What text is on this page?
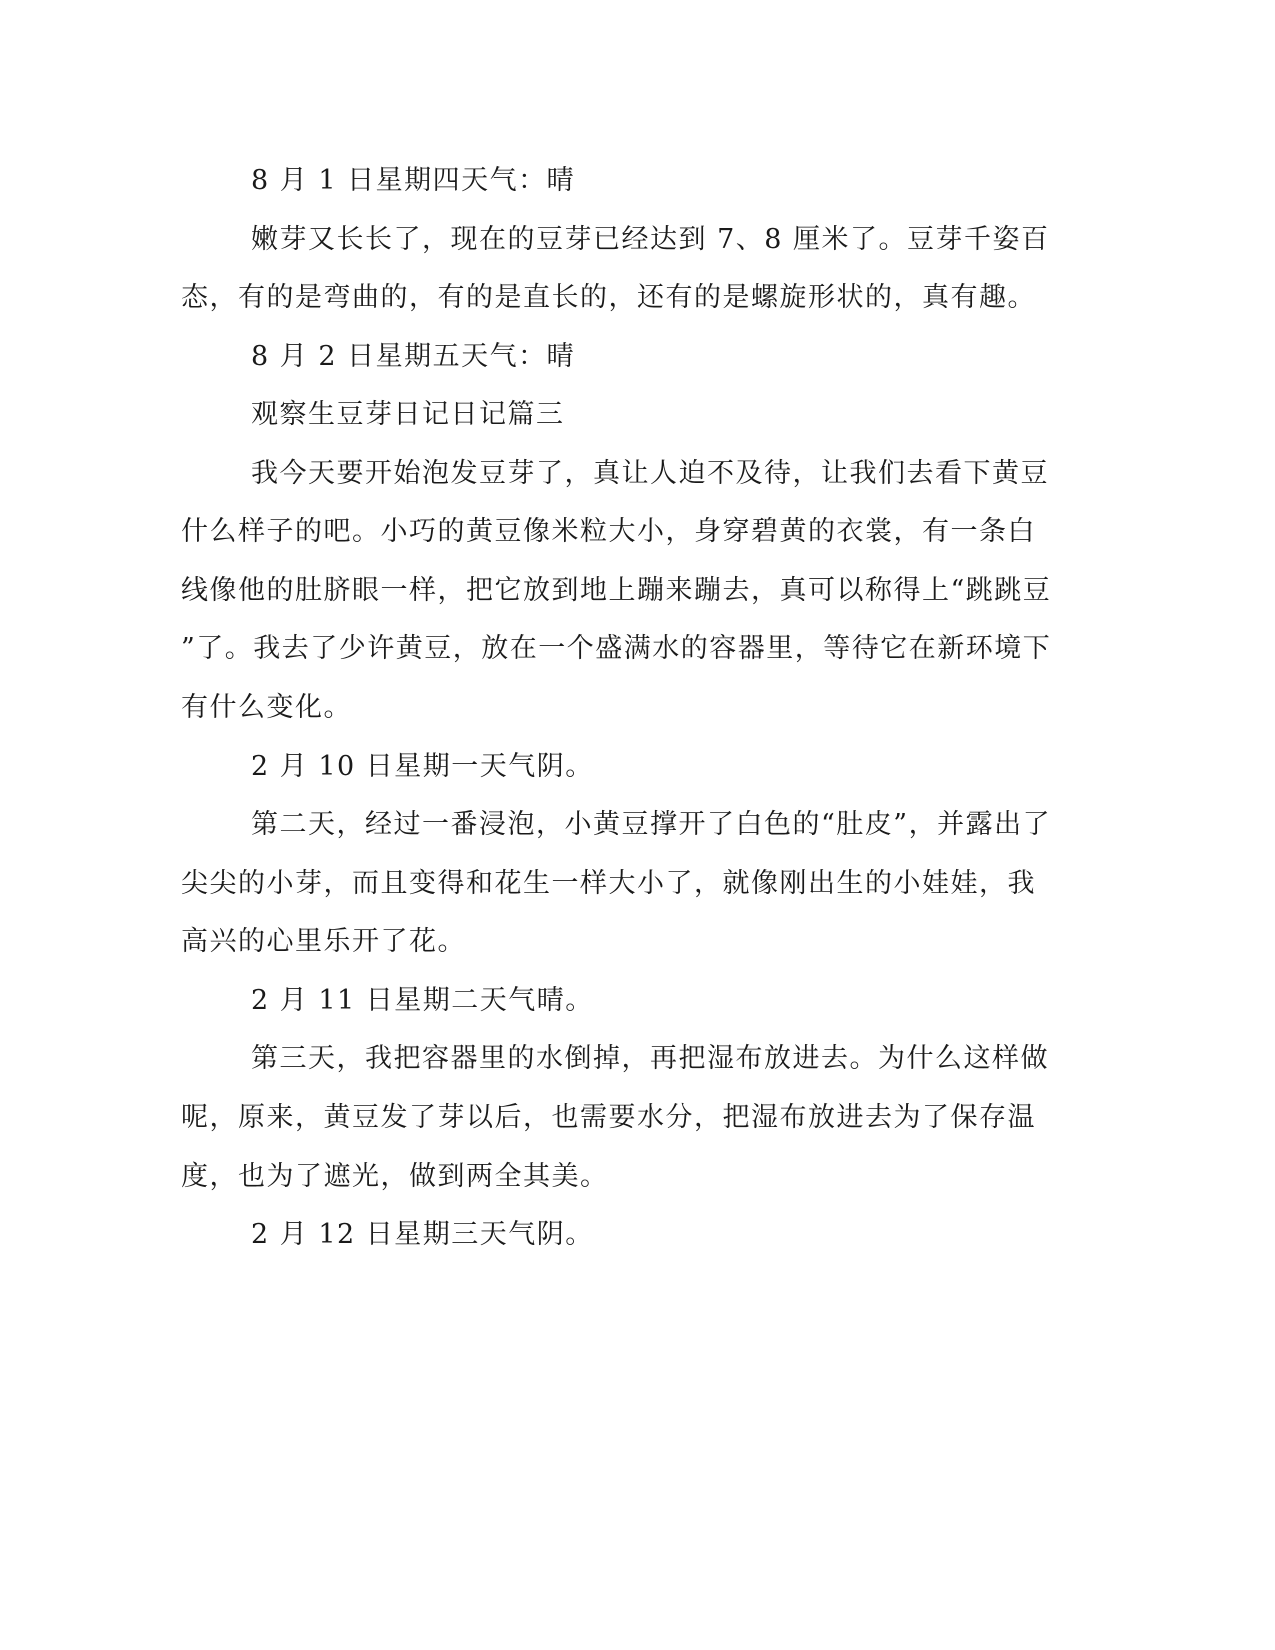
8 月 1 日星期四天气：晴
嫩芽又长长了，现在的豆芽已经达到 7、8 厘米了。豆芽千姿百
态，有的是弯曲的，有的是直长的，还有的是螺旋形状的，真有趣。
8 月 2 日星期五天气：晴
观察生豆芽日记日记篇三
我今天要开始泡发豆芽了，真让人迫不及待，让我们去看下黄豆
什么样子的吧。小巧的黄豆像米粒大小，身穿碧黄的衣裳，有一条白
线像他的肚脐眼一样，把它放到地上蹦来蹦去，真可以称得上“跳跳豆
”了。我去了少许黄豆，放在一个盛满水的容器里，等待它在新环境下
有什么变化。
2 月 10 日星期一天气阴。
第二天，经过一番浸泡，小黄豆撑开了白色的“肚皮”，并露出了
尖尖的小芽，而且变得和花生一样大小了，就像刚出生的小娃娃，我
高兴的心里乐开了花。
2 月 11 日星期二天气晴。
第三天，我把容器里的水倒掉，再把湿布放进去。为什么这样做
呢，原来，黄豆发了芽以后，也需要水分，把湿布放进去为了保存温
度，也为了遮光，做到两全其美。
2 月 12 日星期三天气阴。
